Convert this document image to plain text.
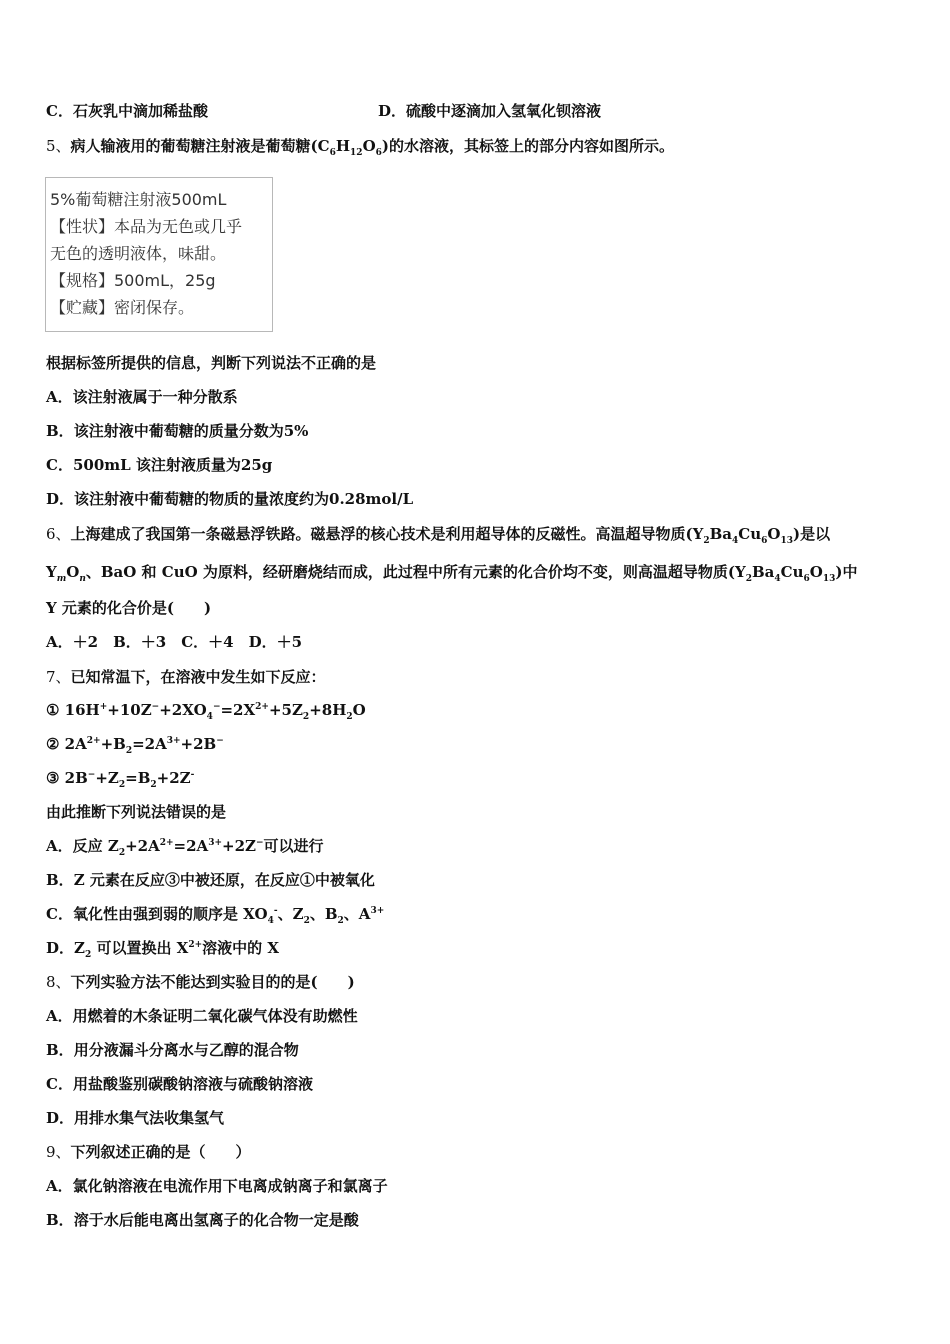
C．石灰乳中滴加稀盐酸	D．硫酸中逐滴加入氢氧化钡溶液
5、病人输液用的葡萄糖注射液是葡萄糖$(C_6H_{12}O_6)$的水溶液，其标签上的部分内容如图所示。
5%葡萄糖注射液500mL
【性状】本品为无色或几乎
无色的透明液体，味甜。
【规格】500mL，25g
【贮藏】密闭保存。
根据标签所提供的信息，判断下列说法不正确的是
A．该注射液属于一种分散系
B．该注射液中葡萄糖的质量分数为5%
C．500mL 该注射液质量为25g
D．该注射液中葡萄糖的物质的量浓度约为0.28mol/L
6、上海建成了我国第一条磁悬浮铁路。磁悬浮的核心技术是利用超导体的反磁性。高温超导物质$(Y_2Ba_4Cu_6O_{13})$是以
$Y_mO_n$、BaO 和 CuO 为原料，经研磨烧结而成，此过程中所有元素的化合价均不变，则高温超导物质$(Y_2Ba_4Cu_6O_{13})$中
Y 元素的化合价是(　　)
A．＋2　B．＋3　C．＋4　D．＋5
7、已知常温下，在溶液中发生如下反应：
① $16H^++10Z^-+2XO_4^-=2X^{2+}+5Z_2+8H_2O$
② $2A^{2+}+B_2=2A^{3+}+2B^-$
③ $2B^-+Z_2=B_2+2Z^-$
由此推断下列说法错误的是
A．反应 $Z_2+2A^{2+}=2A^{3+}+2Z^-$可以进行
B．Z 元素在反应③中被还原，在反应①中被氧化
C．氧化性由强到弱的顺序是 $XO_4^-$、$Z_2$、$B_2$、$A^{3+}$
D．$Z_2$ 可以置换出 $X^{2+}$溶液中的 X
8、下列实验方法不能达到实验目的的是(　　)
A．用燃着的木条证明二氧化碳气体没有助燃性
B．用分液漏斗分离水与乙醇的混合物
C．用盐酸鉴别碳酸钠溶液与硫酸钠溶液
D．用排水集气法收集氢气
9、下列叙述正确的是（　　）
A．氯化钠溶液在电流作用下电离成钠离子和氯离子
B．溶于水后能电离出氢离子的化合物一定是酸
